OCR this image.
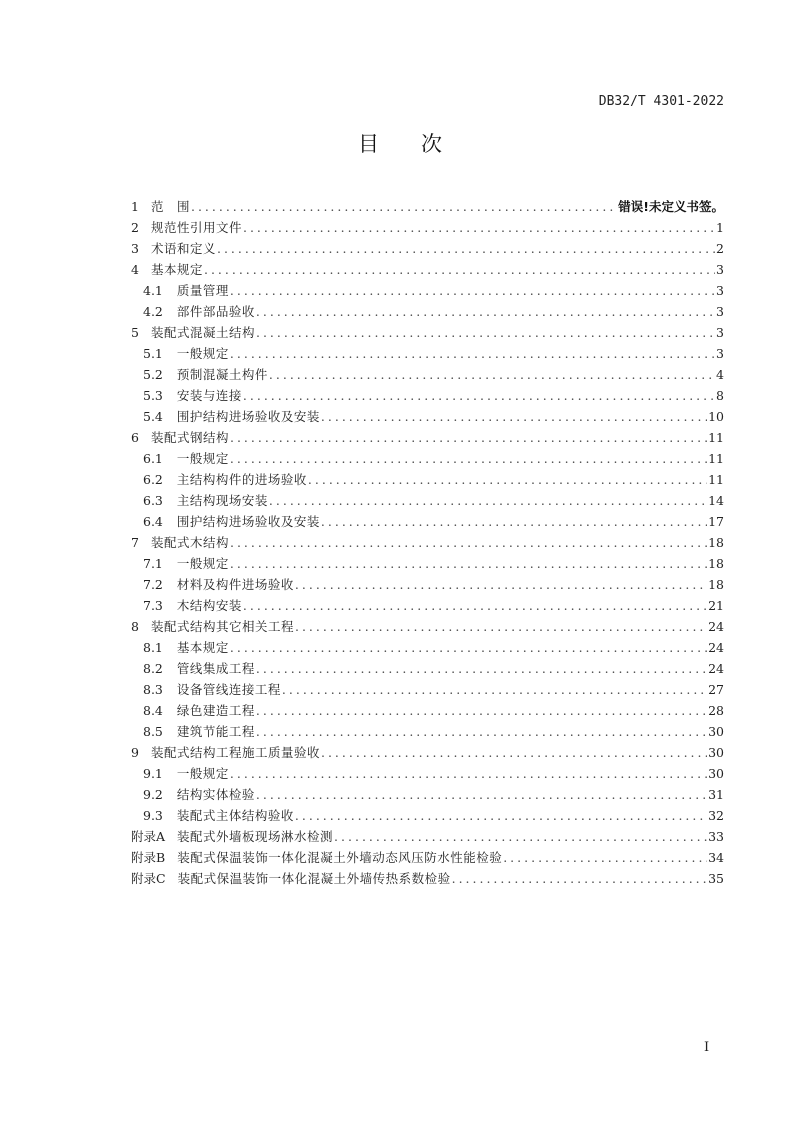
DB32/T 4301-2022
目次
1 范　围 .....	错误!未定义书签。
2 规范性引用文件 .....	1
3 术语和定义 .....	2
4 基本规定 .....	3
4.1 质量管理 .....	3
4.2 部件部品验收 .....	3
5 装配式混凝土结构 .....	3
5.1 一般规定 .....	3
5.2 预制混凝土构件 .....	4
5.3 安装与连接 .....	8
5.4 围护结构进场验收及安装 .....	10
6 装配式钢结构 .....	11
6.1 一般规定 .....	11
6.2 主结构构件的进场验收 .....	11
6.3 主结构现场安装 .....	14
6.4 围护结构进场验收及安装 .....	17
7 装配式木结构 .....	18
7.1 一般规定 .....	18
7.2 材料及构件进场验收 .....	18
7.3 木结构安装 .....	21
8 装配式结构其它相关工程 .....	24
8.1 基本规定 .....	24
8.2 管线集成工程 .....	24
8.3 设备管线连接工程 .....	27
8.4 绿色建造工程 .....	28
8.5 建筑节能工程 .....	30
9 装配式结构工程施工质量验收 .....	30
9.1 一般规定 .....	30
9.2 结构实体检验 .....	31
9.3 装配式主体结构验收 .....	32
附录A 装配式外墙板现场淋水检测 .....	33
附录B 装配式保温装饰一体化混凝土外墙动态风压防水性能检验 .....	34
附录C 装配式保温装饰一体化混凝土外墙传热系数检验 .....	35
I
